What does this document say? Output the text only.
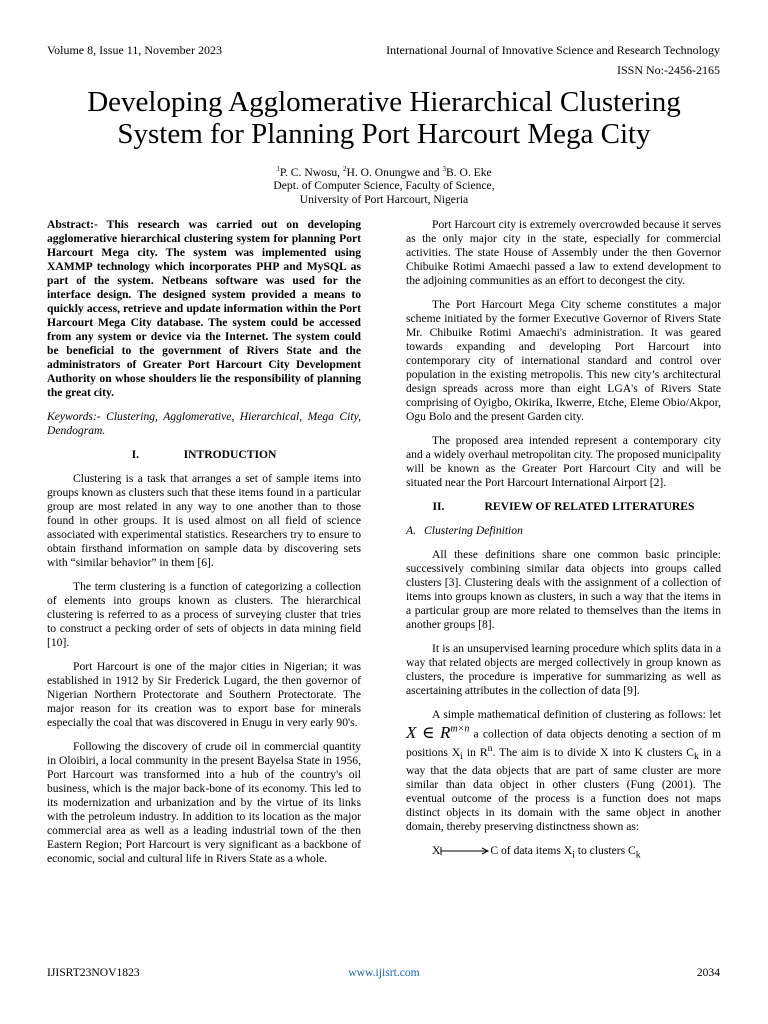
Volume 8, Issue 11, November 2023	International Journal of Innovative Science and Research Technology
ISSN No:-2456-2165
Developing Agglomerative Hierarchical Clustering
System for Planning Port Harcourt Mega City
$^1$P. C. Nwosu, $^2$H. O. Onungwe and $^3$B. O. Eke
Dept. of Computer Science, Faculty of Science,
University of Port Harcourt, Nigeria

Abstract:- This research was carried out on developing agglomerative hierarchical clustering system for planning Port Harcourt Mega city. The system was implemented using XAMMP technology which incorporates PHP and MySQL as part of the system. Netbeans software was used for the interface design. The designed system provided a means to quickly access, retrieve and update information within the Port Harcourt Mega City database. The system could be accessed from any system or device via the Internet. The system could be beneficial to the government of Rivers State and the administrators of Greater Port Harcourt City Development Authority on whose shoulders lie the responsibility of planning the great city.

Keywords:- Clustering, Agglomerative, Hierarchical, Mega City, Dendogram.

I.	INTRODUCTION

Clustering is a task that arranges a set of sample items into groups known as clusters such that these items found in a particular group are most related in any way to one another than to those found in other groups. It is used almost on all field of science associated with experimental statistics. Researchers try to ensure to obtain firsthand information on sample data by discovering sets with “similar behavior” in them [6].

The term clustering is a function of categorizing a collection of elements into groups known as clusters. The hierarchical clustering is referred to as a process of surveying cluster that tries to construct a pecking order of sets of objects in data mining field [10].

Port Harcourt is one of the major cities in Nigerian; it was established in 1912 by Sir Frederick Lugard, the then governor of Nigerian Northern Protectorate and Southern Protectorate. The major reason for its creation was to export base for minerals especially the coal that was discovered in Enugu in very early 90's.

Following the discovery of crude oil in commercial quantity in Oloibiri, a local community in the present Bayelsa State in 1956, Port Harcourt was transformed into a hub of the country's oil business, which is the major back-bone of its economy. This led to its modernization and urbanization and by the virtue of its links with the petroleum industry. In addition to its location as the major commercial area as well as a leading industrial town of the then Eastern Region; Port Harcourt is very significant as a backbone of economic, social and cultural life in Rivers State as a whole.

Port Harcourt city is extremely overcrowded because it serves as the only major city in the state, especially for commercial activities. The state House of Assembly under the then Governor Chibuike Rotimi Amaechi passed a law to extend development to the adjoining communities as an effort to decongest the city.

The Port Harcourt Mega City scheme constitutes a major scheme initiated by the former Executive Governor of Rivers State Mr. Chibuike Rotimi Amaechi's administration. It was geared towards expanding and developing Port Harcourt into contemporary city of international standard and control over population in the existing metropolis. This new city’s architectural design spreads across more than eight LGA's of Rivers State comprising of Oyigbo, Okirika, Ikwerre, Etche, Eleme Obio/Akpor, Ogu Bolo and the present Garden city.

The proposed area intended represent a contemporary city and a widely overhaul metropolitan city. The proposed municipality will be known as the Greater Port Harcourt City and will be situated near the Port Harcourt International Airport [2].

II.	REVIEW OF RELATED LITERATURES

A. Clustering Definition

All these definitions share one common basic principle: successively combining similar data objects into groups called clusters [3]. Clustering deals with the assignment of a collection of items into groups known as clusters, in such a way that the items in a particular group are more related to themselves than the items in another groups [8].

It is an unsupervised learning procedure which splits data in a way that related objects are merged collectively in group known as clusters, the procedure is imperative for summarizing as well as ascertaining attributes in the collection of data [9].

A simple mathematical definition of clustering as follows: let X ∈ $R^{m\times n}$ a collection of data objects denoting a section of m positions $X_i$ in $R^n$. The aim is to divide X into K clusters $C_k$ in a way that the data objects that are part of same cluster are more similar than data object in other clusters (Fung (2001). The eventual outcome of the process is a function does not maps distinct objects in its domain with the same object in another domain, thereby preserving distinctness shown as:

X	C of data items $X_i$ to clusters $C_k$

IJISRT23NOV1823	www.ijisrt.com	2034
